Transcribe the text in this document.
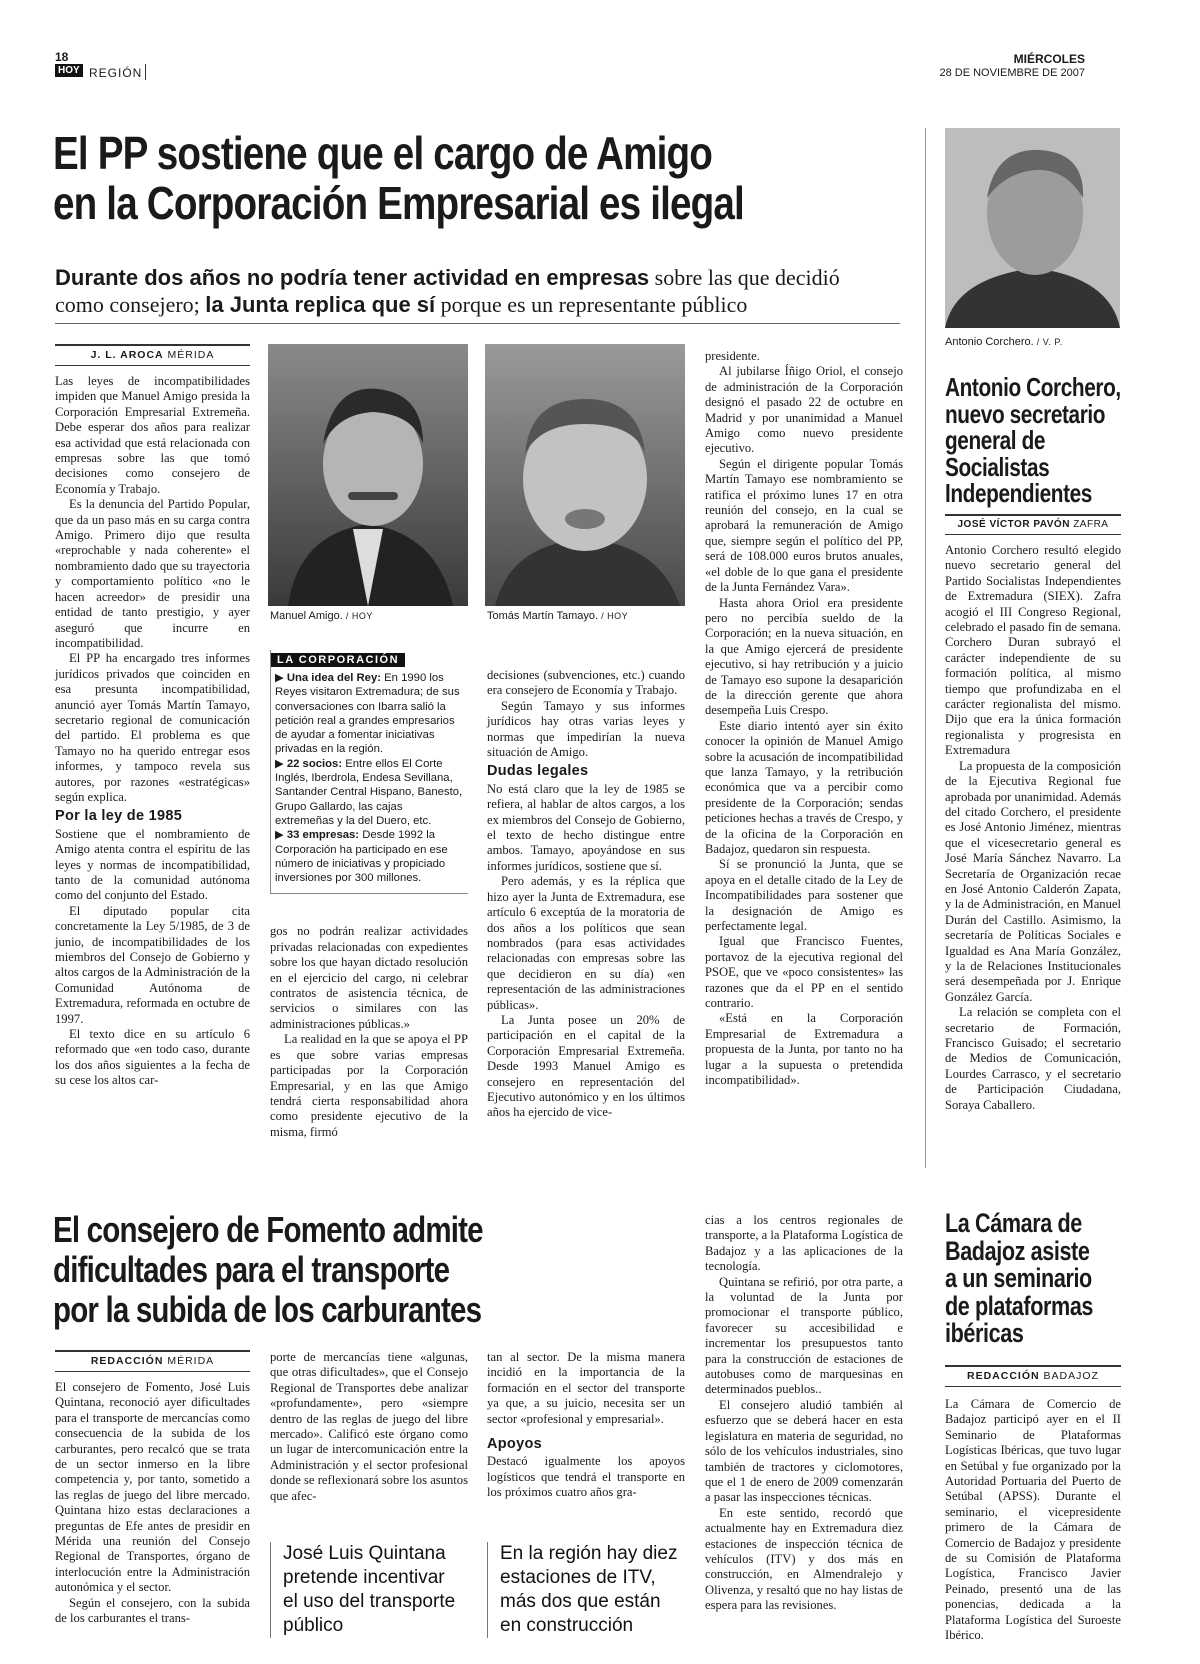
18
HOY REGIÓN
MIÉRCOLES
28 DE NOVIEMBRE DE 2007
El PP sostiene que el cargo de Amigo
en la Corporación Empresarial es ilegal
Durante dos años no podría tener actividad en empresas sobre las que decidió
como consejero; la Junta replica que sí porque es un representante público
J. L. AROCA MÉRIDA

Las leyes de incompatibilidades impiden que Manuel Amigo presida la Corporación Empresarial Extremeña. Debe esperar dos años para realizar esa actividad que está relacionada con empresas sobre las que tomó decisiones como consejero de Economía y Trabajo.

Es la denuncia del Partido Popular, que da un paso más en su carga contra Amigo. Primero dijo que resulta «reprochable y nada coherente» el nombramiento dado que su trayectoria y comportamiento político «no le hacen acreedor» de presidir una entidad de tanto prestigio, y ayer aseguró que incurre en incompatibilidad.

El PP ha encargado tres informes jurídicos privados que coinciden en esa presunta incompatibilidad, anunció ayer Tomás Martín Tamayo, secretario regional de comunicación del partido. El problema es que Tamayo no ha querido entregar esos informes, y tampoco revela sus autores, por razones «estratégicas» según explica.

Por la ley de 1985

Sostiene que el nombramiento de Amigo atenta contra el espíritu de las leyes y normas de incompatibilidad, tanto de la comunidad autónoma como del conjunto del Estado.

El diputado popular cita concretamente la Ley 5/1985, de 3 de junio, de incompatibilidades de los miembros del Consejo de Gobierno y altos cargos de la Administración de la Comunidad Autónoma de Extremadura, reformada en octubre de 1997.

El texto dice en su artículo 6 reformado que «en todo caso, durante los dos años siguientes a la fecha de su cese los altos car-

Manuel Amigo. / HOY	Tomás Martín Tamayo. / HOY
LA CORPORACIÓN
▶ Una idea del Rey: En 1990 los Reyes visitaron Extremadura; de sus conversaciones con Ibarra salió la petición real a grandes empresarios de ayudar a fomentar iniciativas privadas en la región.
▶ 22 socios: Entre ellos El Corte Inglés, Iberdrola, Endesa Sevillana, Santander Central Hispano, Banesto, Grupo Gallardo, las cajas extremeñas y la del Duero, etc.
▶ 33 empresas: Desde 1992 la Corporación ha participado en ese número de iniciativas y propiciado inversiones por 300 millones.

gos no podrán realizar actividades privadas relacionadas con expedientes sobre los que hayan dictado resolución en el ejercicio del cargo, ni celebrar contratos de asistencia técnica, de servicios o similares con las administraciones públicas.»

La realidad en la que se apoya el PP es que sobre varias empresas participadas por la Corporación Empresarial, y en las que Amigo tendrá cierta responsabilidad ahora como presidente ejecutivo de la misma, firmó

decisiones (subvenciones, etc.) cuando era consejero de Economía y Trabajo.

Según Tamayo y sus informes jurídicos hay otras varias leyes y normas que impedirían la nueva situación de Amigo.

Dudas legales

No está claro que la ley de 1985 se refiera, al hablar de altos cargos, a los ex miembros del Consejo de Gobierno, el texto de hecho distingue entre ambos. Tamayo, apoyándose en sus informes jurídicos, sostiene que sí.

Pero además, y es la réplica que hizo ayer la Junta de Extremadura, ese artículo 6 exceptúa de la moratoria de dos años a los políticos que sean nombrados (para esas actividades relacionadas con empresas sobre las que decidieron en su día) «en representación de las administraciones públicas».

La Junta posee un 20% de participación en el capital de la Corporación Empresarial Extremeña. Desde 1993 Manuel Amigo es consejero en representación del Ejecutivo autonómico y en los últimos años ha ejercido de vice-

presidente.

Al jubilarse Íñigo Oriol, el consejo de administración de la Corporación designó el pasado 22 de octubre en Madrid y por unanimidad a Manuel Amigo como nuevo presidente ejecutivo.

Según el dirigente popular Tomás Martín Tamayo ese nombramiento se ratifica el próximo lunes 17 en otra reunión del consejo, en la cual se aprobará la remuneración de Amigo que, siempre según el político del PP, será de 108.000 euros brutos anuales, «el doble de lo que gana el presidente de la Junta Fernández Vara».

Hasta ahora Oriol era presidente pero no percibía sueldo de la Corporación; en la nueva situación, en la que Amigo ejercerá de presidente ejecutivo, si hay retribución y a juicio de Tamayo eso supone la desaparición de la dirección gerente que ahora desempeña Luis Crespo.

Este diario intentó ayer sin éxito conocer la opinión de Manuel Amigo sobre la acusación de incompatibilidad que lanza Tamayo, y la retribución económica que va a percibir como presidente de la Corporación; sendas peticiones hechas a través de Crespo, y de la oficina de la Corporación en Badajoz, quedaron sin respuesta.

Sí se pronunció la Junta, que se apoya en el detalle citado de la Ley de Incompatibilidades para sostener que la designación de Amigo es perfectamente legal.

Igual que Francisco Fuentes, portavoz de la ejecutiva regional del PSOE, que ve «poco consistentes» las razones que da el PP en el sentido contrario.

«Está en la Corporación Empresarial de Extremadura a propuesta de la Junta, por tanto no ha lugar a la supuesta o pretendida incompatibilidad».

Antonio Corchero. / V. P.
Antonio Corchero,
nuevo secretario
general de
Socialistas
Independientes
JOSÉ VÍCTOR PAVÓN ZAFRA

Antonio Corchero resultó elegido nuevo secretario general del Partido Socialistas Independientes de Extremadura (SIEX). Zafra acogió el III Congreso Regional, celebrado el pasado fin de semana. Corchero Duran subrayó el carácter independiente de su formación política, al mismo tiempo que profundizaba en el carácter regionalista del mismo. Dijo que era la única formación regionalista y progresista en Extremadura

La propuesta de la composición de la Ejecutiva Regional fue aprobada por unanimidad. Además del citado Corchero, el presidente es José Antonio Jiménez, mientras que el vicesecretario general es José María Sánchez Navarro. La Secretaría de Organización recae en José Antonio Calderón Zapata, y la de Administración, en Manuel Durán del Castillo. Asimismo, la secretaría de Políticas Sociales e Igualdad es Ana María González, y la de Relaciones Institucionales será desempeñada por J. Enrique González García.

La relación se completa con el secretario de Formación, Francisco Guisado; el secretario de Medios de Comunicación, Lourdes Carrasco, y el secretario de Participación Ciudadana, Soraya Caballero.

El consejero de Fomento admite
dificultades para el transporte
por la subida de los carburantes
REDACCIÓN MÉRIDA

El consejero de Fomento, José Luis Quintana, reconoció ayer dificultades para el transporte de mercancías como consecuencia de la subida de los carburantes, pero recalcó que se trata de un sector inmerso en la libre competencia y, por tanto, sometido a las reglas de juego del libre mercado. Quintana hizo estas declaraciones a preguntas de Efe antes de presidir en Mérida una reunión del Consejo Regional de Transportes, órgano de interlocución entre la Administración autonómica y el sector.

Según el consejero, con la subida de los carburantes el trans-

porte de mercancías tiene «algunas, que otras dificultades», que el Consejo Regional de Transportes debe analizar «profundamente», pero «siempre dentro de las reglas de juego del libre mercado». Calificó este órgano como un lugar de intercomunicación entre la Administración y el sector profesional donde se reflexionará sobre los asuntos que afec-

tan al sector. De la misma manera incidió en la importancia de la formación en el sector del transporte ya que, a su juicio, necesita ser un sector «profesional y empresarial».

Apoyos

Destacó igualmente los apoyos logísticos que tendrá el transporte en los próximos cuatro años gra-

José Luis Quintana
pretende incentivar
el uso del transporte
público
En la región hay diez
estaciones de ITV,
más dos que están
en construcción

cias a los centros regionales de transporte, a la Plataforma Logística de Badajoz y a las aplicaciones de la tecnología.

Quintana se refirió, por otra parte, a la voluntad de la Junta por promocionar el transporte público, favorecer su accesibilidad e incrementar los presupuestos tanto para la construcción de estaciones de autobuses como de marquesinas en determinados pueblos..

El consejero aludió también al esfuerzo que se deberá hacer en esta legislatura en materia de seguridad, no sólo de los vehículos industriales, sino también de tractores y ciclomotores, que el 1 de enero de 2009 comenzarán a pasar las inspecciones técnicas.

En este sentido, recordó que actualmente hay en Extremadura diez estaciones de inspección técnica de vehículos (ITV) y dos más en construcción, en Almendralejo y Olivenza, y resaltó que no hay listas de espera para las revisiones.

La Cámara de
Badajoz asiste
a un seminario
de plataformas
ibéricas
REDACCIÓN BADAJOZ

La Cámara de Comercio de Badajoz participó ayer en el II Seminario de Plataformas Logísticas Ibéricas, que tuvo lugar en Setúbal y fue organizado por la Autoridad Portuaria del Puerto de Setúbal (APSS). Durante el seminario, el vicepresidente primero de la Cámara de Comercio de Badajoz y presidente de su Comisión de Plataforma Logística, Francisco Javier Peinado, presentó una de las ponencias, dedicada a la Plataforma Logística del Suroeste Ibérico.
